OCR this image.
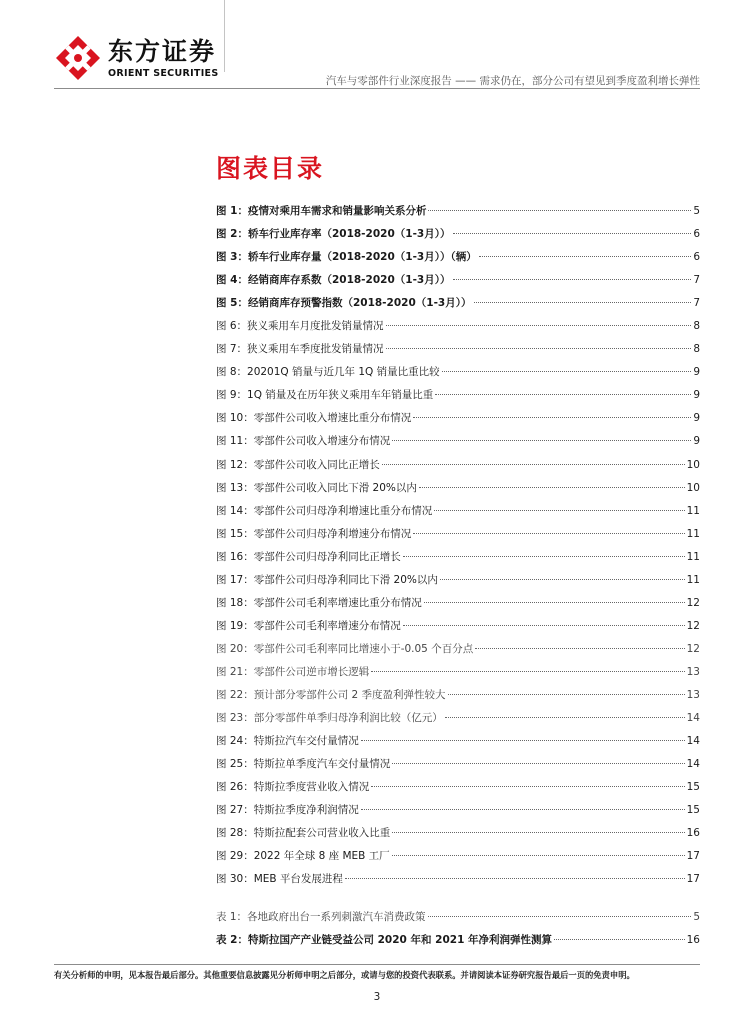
东方证券
ORIENT SECURITIES
汽车与零部件行业深度报告 —— 需求仍在，部分公司有望见到季度盈利增长弹性
图表目录
图 1：疫情对乘用车需求和销量影响关系分析	5
图 2：轿车行业库存率（2018-2020（1-3月））	6
图 3：轿车行业库存量（2018-2020（1-3月））（辆）	6
图 4：经销商库存系数（2018-2020（1-3月））	7
图 5：经销商库存预警指数（2018-2020（1-3月））	7
图 6：狭义乘用车月度批发销量情况	8
图 7：狭义乘用车季度批发销量情况	8
图 8：20201Q 销量与近几年 1Q 销量比重比较	9
图 9：1Q 销量及在历年狭义乘用车年销量比重	9
图 10：零部件公司收入增速比重分布情况	9
图 11：零部件公司收入增速分布情况	9
图 12：零部件公司收入同比正增长	10
图 13：零部件公司收入同比下滑 20%以内	10
图 14：零部件公司归母净利增速比重分布情况	11
图 15：零部件公司归母净利增速分布情况	11
图 16：零部件公司归母净利同比正增长	11
图 17：零部件公司归母净利同比下滑 20%以内	11
图 18：零部件公司毛利率增速比重分布情况	12
图 19：零部件公司毛利率增速分布情况	12
图 20：零部件公司毛利率同比增速小于-0.05 个百分点	12
图 21：零部件公司逆市增长逻辑	13
图 22：预计部分零部件公司 2 季度盈利弹性较大	13
图 23：部分零部件单季归母净利润比较（亿元）	14
图 24：特斯拉汽车交付量情况	14
图 25：特斯拉单季度汽车交付量情况	14
图 26：特斯拉季度营业收入情况	15
图 27：特斯拉季度净利润情况	15
图 28：特斯拉配套公司营业收入比重	16
图 29：2022 年全球 8 座 MEB 工厂	17
图 30：MEB 平台发展进程	17
表 1：各地政府出台一系列刺激汽车消费政策	5
表 2：特斯拉国产产业链受益公司 2020 年和 2021 年净利润弹性测算	16
有关分析师的申明，见本报告最后部分。其他重要信息披露见分析师申明之后部分，或请与您的投资代表联系。并请阅读本证券研究报告最后一页的免责申明。
3
